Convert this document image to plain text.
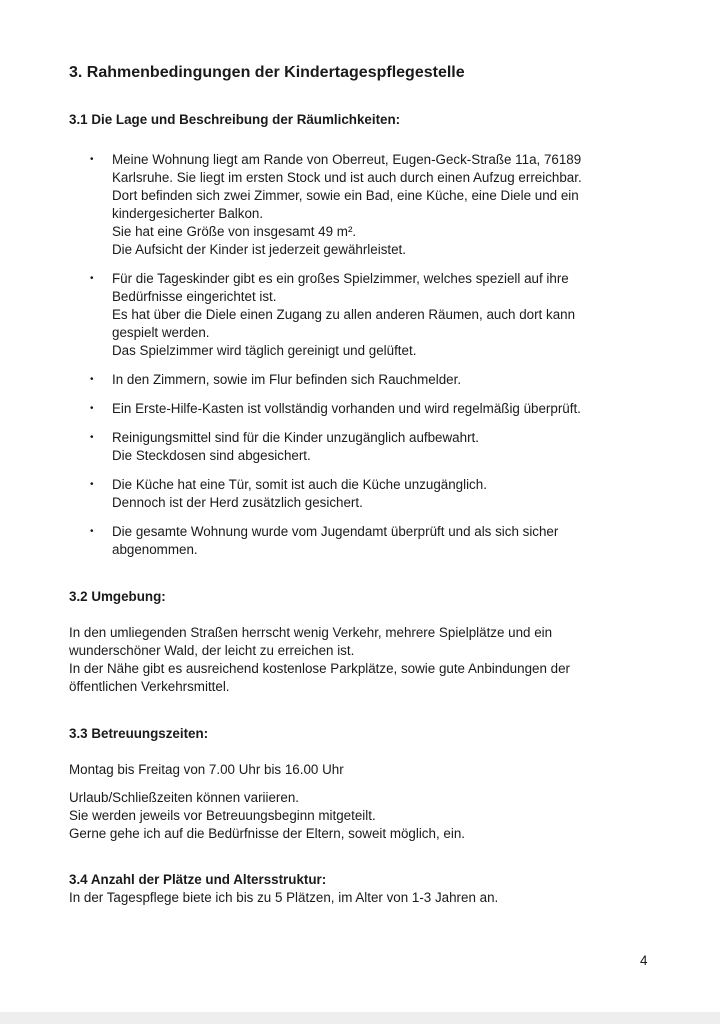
3. Rahmenbedingungen der Kindertagespflegestelle
3.1 Die Lage und Beschreibung der Räumlichkeiten:
• Meine Wohnung liegt am Rande von Oberreut, Eugen-Geck-Straße 11a, 76189
Karlsruhe. Sie liegt im ersten Stock und ist auch durch einen Aufzug erreichbar.
Dort befinden sich zwei Zimmer, sowie ein Bad, eine Küche, eine Diele und ein
kindergesicherter Balkon.
Sie hat eine Größe von insgesamt 49 m².
Die Aufsicht der Kinder ist jederzeit gewährleistet.
• Für die Tageskinder gibt es ein großes Spielzimmer, welches speziell auf ihre
Bedürfnisse eingerichtet ist.
Es hat über die Diele einen Zugang zu allen anderen Räumen, auch dort kann
gespielt werden.
Das Spielzimmer wird täglich gereinigt und gelüftet.
• In den Zimmern, sowie im Flur befinden sich Rauchmelder.
• Ein Erste-Hilfe-Kasten ist vollständig vorhanden und wird regelmäßig überprüft.
• Reinigungsmittel sind für die Kinder unzugänglich aufbewahrt.
Die Steckdosen sind abgesichert.
• Die Küche hat eine Tür, somit ist auch die Küche unzugänglich.
Dennoch ist der Herd zusätzlich gesichert.
• Die gesamte Wohnung wurde vom Jugendamt überprüft und als sich sicher
abgenommen.
3.2 Umgebung:
In den umliegenden Straßen herrscht wenig Verkehr, mehrere Spielplätze und ein
wunderschöner Wald, der leicht zu erreichen ist.
In der Nähe gibt es ausreichend kostenlose Parkplätze, sowie gute Anbindungen der
öffentlichen Verkehrsmittel.
3.3 Betreuungszeiten:
Montag bis Freitag von 7.00 Uhr bis 16.00 Uhr
Urlaub/Schließzeiten können variieren.
Sie werden jeweils vor Betreuungsbeginn mitgeteilt.
Gerne gehe ich auf die Bedürfnisse der Eltern, soweit möglich, ein.
3.4 Anzahl der Plätze und Altersstruktur:
In der Tagespflege biete ich bis zu 5 Plätzen, im Alter von 1-3 Jahren an.
4
